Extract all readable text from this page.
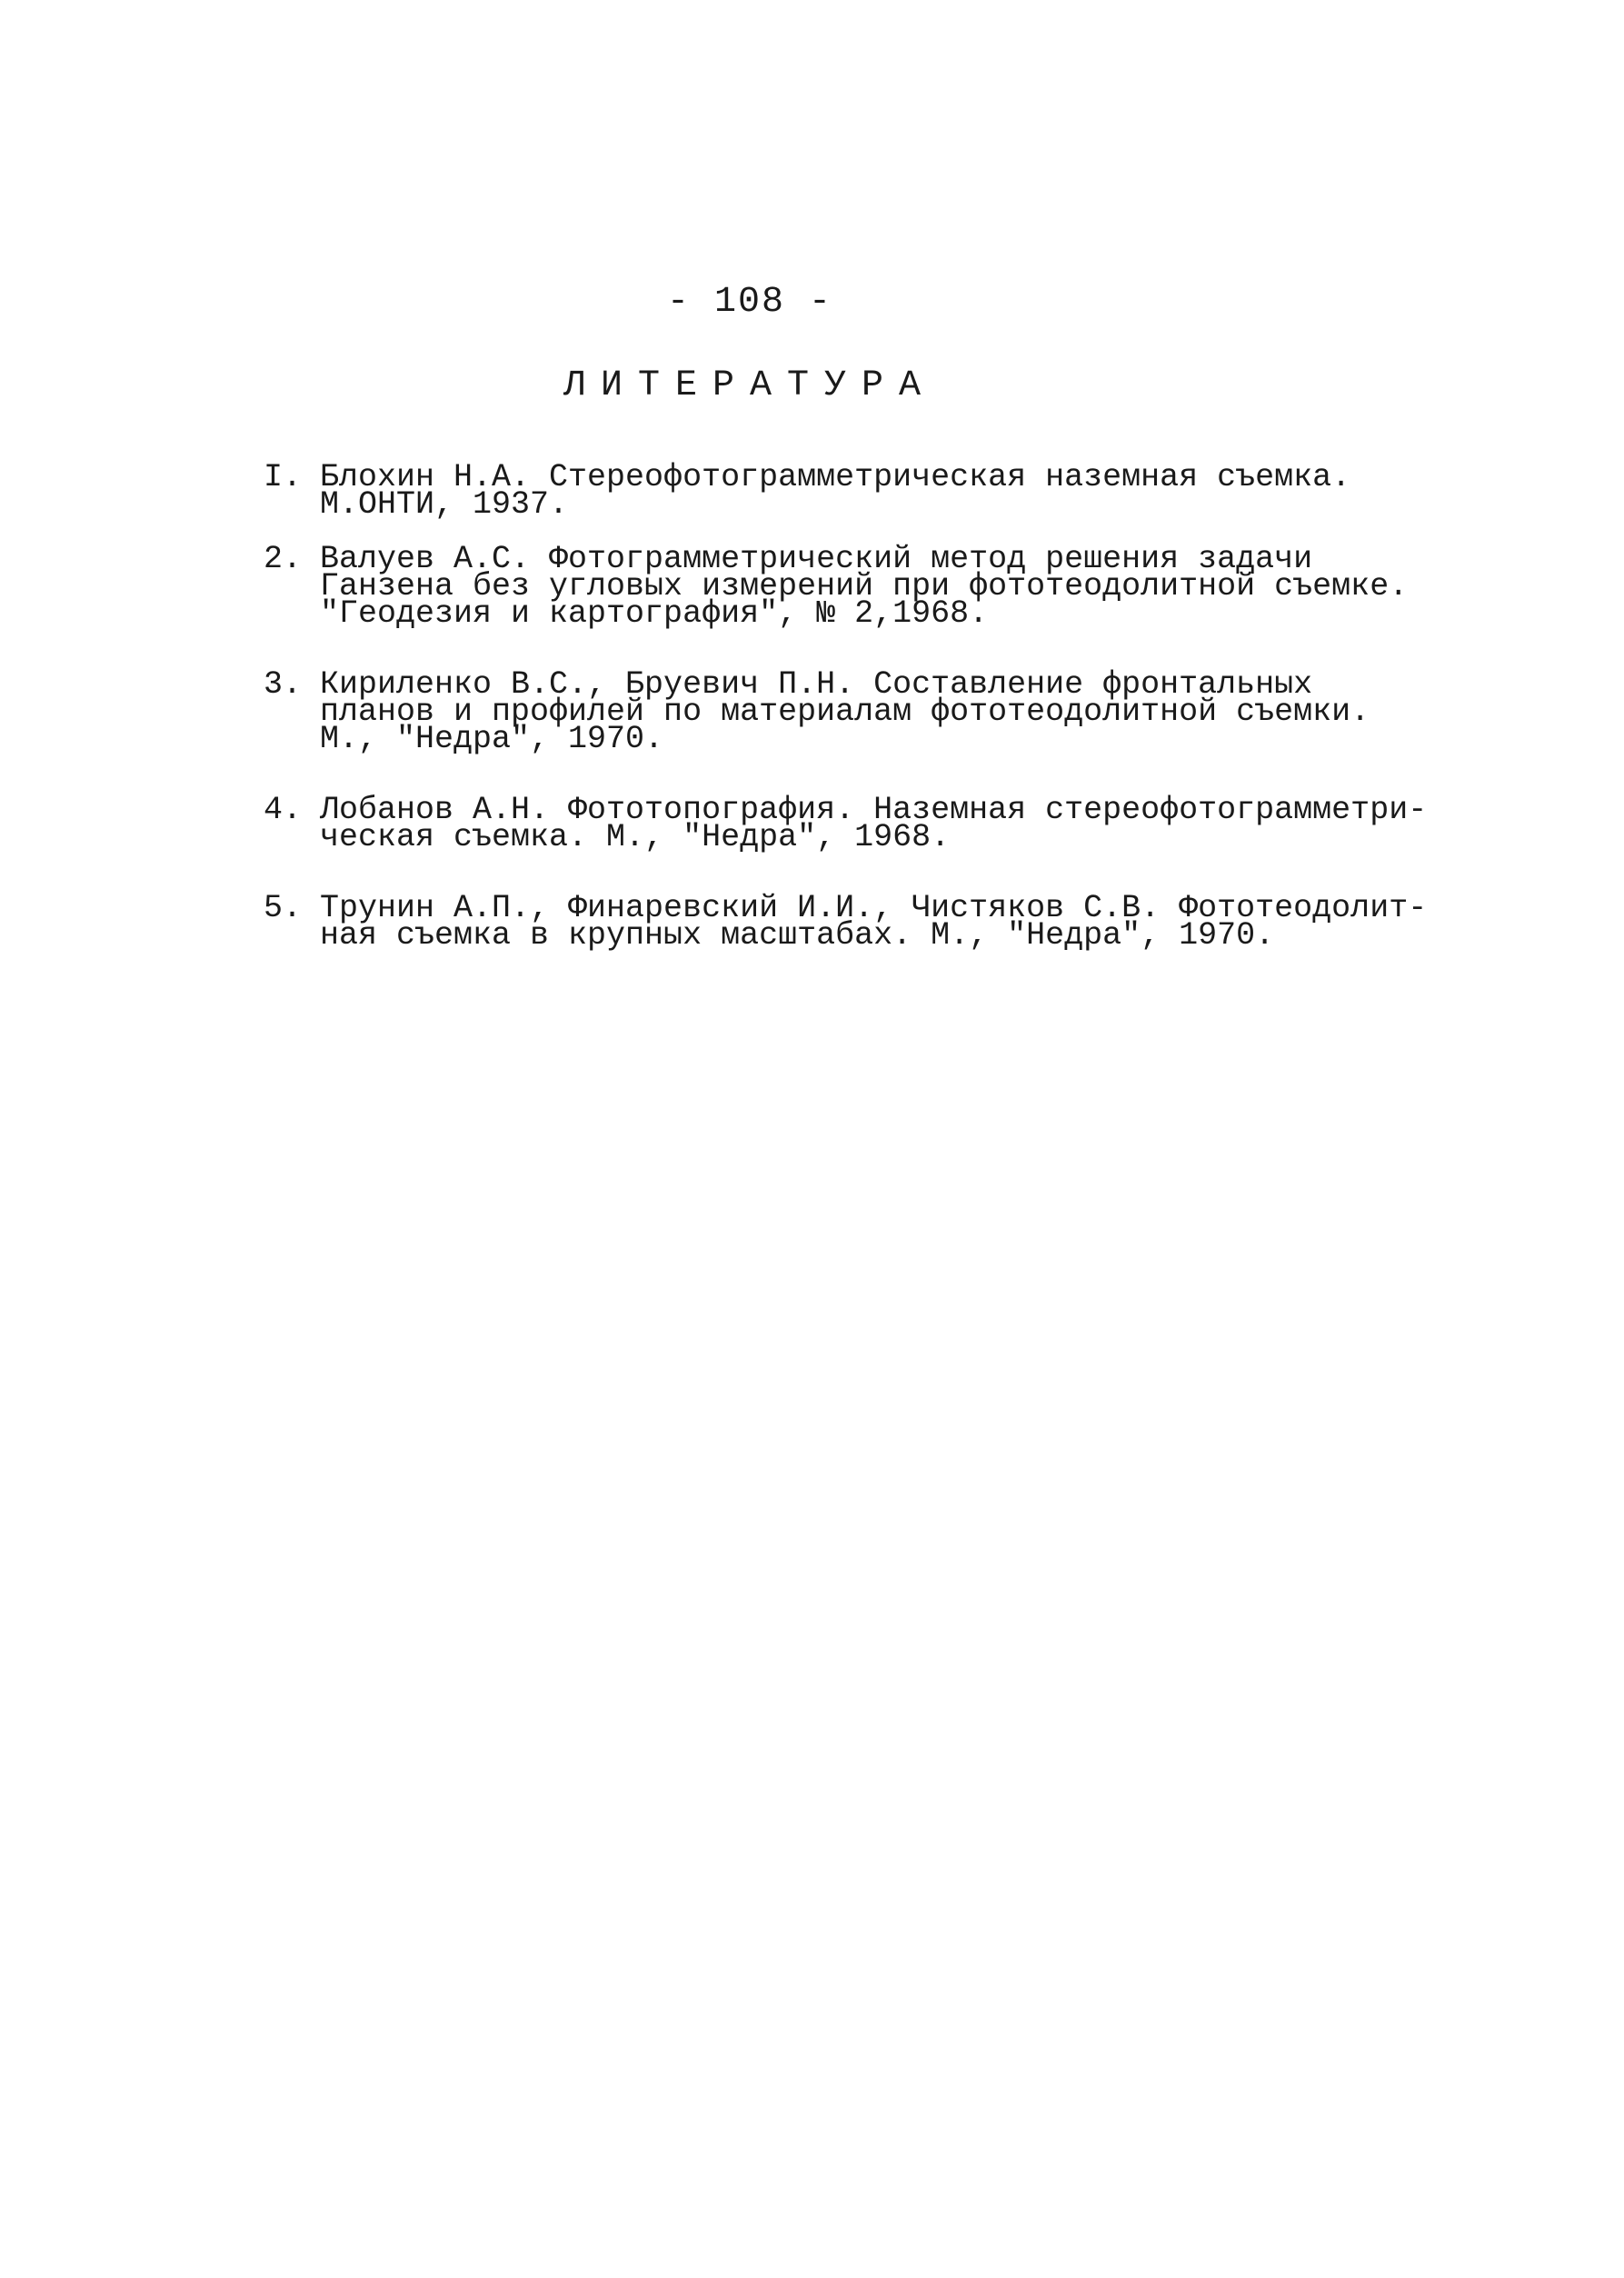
- 108 -
ЛИТЕРАТУРА
I. Блохин Н.А. Стереофотограмметрическая наземная съемка.
М.ОНТИ, 1937.
2. Валуев А.С. Фотограмметрический метод решения задачи
Ганзена без угловых измерений при фототеодолитной съемке.
"Геодезия и картография", № 2,1968.
3. Кириленко В.С., Бруевич П.Н. Составление фронтальных
планов и профилей по материалам фототеодолитной съемки.
М., "Недра", 1970.
4. Лобанов А.Н. Фототопография. Наземная стереофотограмметри-
ческая съемка. М., "Недра", 1968.
5. Трунин А.П., Финаревский И.И., Чистяков С.В. Фототеодолит-
ная съемка в крупных масштабах. М., "Недра", 1970.
